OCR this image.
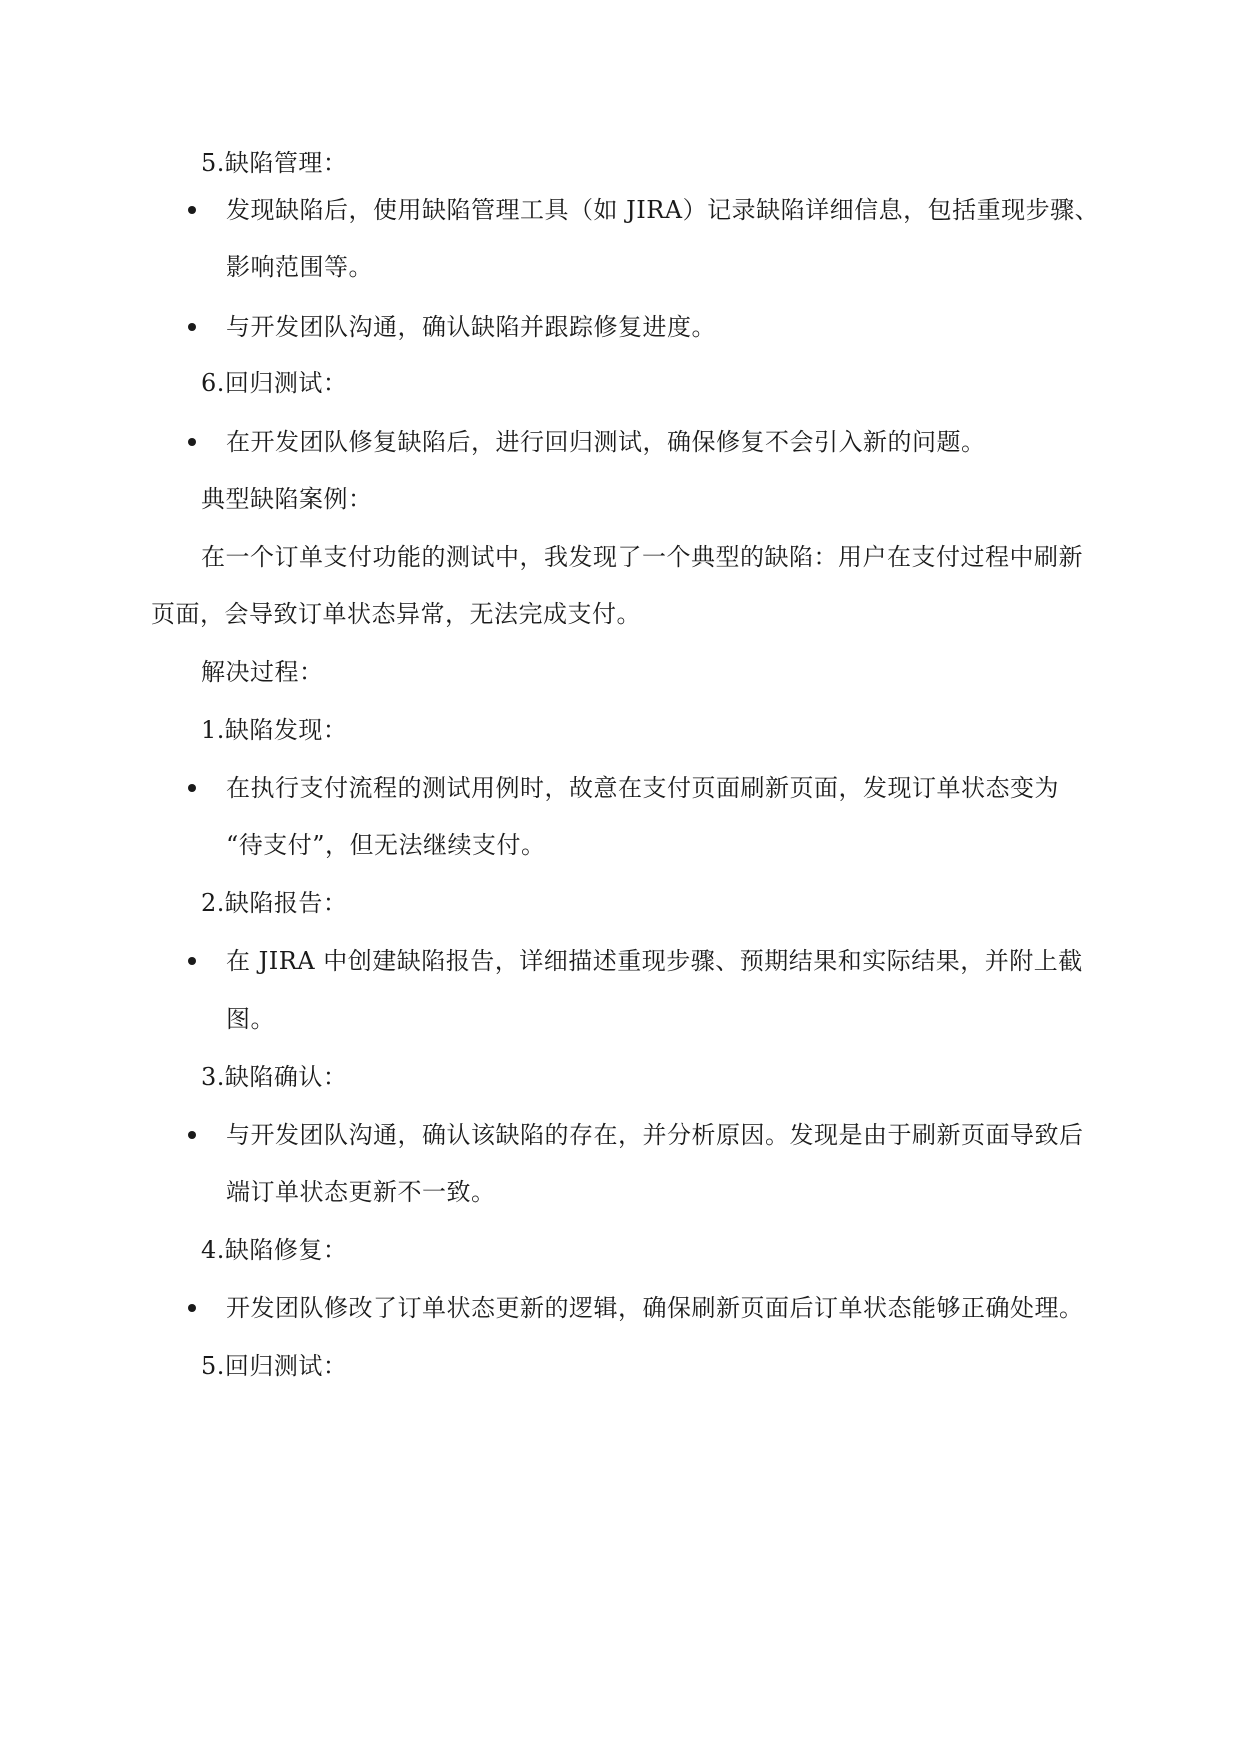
5.缺陷管理：
发现缺陷后，使用缺陷管理工具（如 JIRA）记录缺陷详细信息，包括重现步骤、
影响范围等。
与开发团队沟通，确认缺陷并跟踪修复进度。
6.回归测试：
在开发团队修复缺陷后，进行回归测试，确保修复不会引入新的问题。
典型缺陷案例：
在一个订单支付功能的测试中，我发现了一个典型的缺陷：用户在支付过程中刷新
页面，会导致订单状态异常，无法完成支付。
解决过程：
1.缺陷发现：
在执行支付流程的测试用例时，故意在支付页面刷新页面，发现订单状态变为
“待支付”，但无法继续支付。
2.缺陷报告：
在 JIRA 中创建缺陷报告，详细描述重现步骤、预期结果和实际结果，并附上截
图。
3.缺陷确认：
与开发团队沟通，确认该缺陷的存在，并分析原因。发现是由于刷新页面导致后
端订单状态更新不一致。
4.缺陷修复：
开发团队修改了订单状态更新的逻辑，确保刷新页面后订单状态能够正确处理。
5.回归测试：
